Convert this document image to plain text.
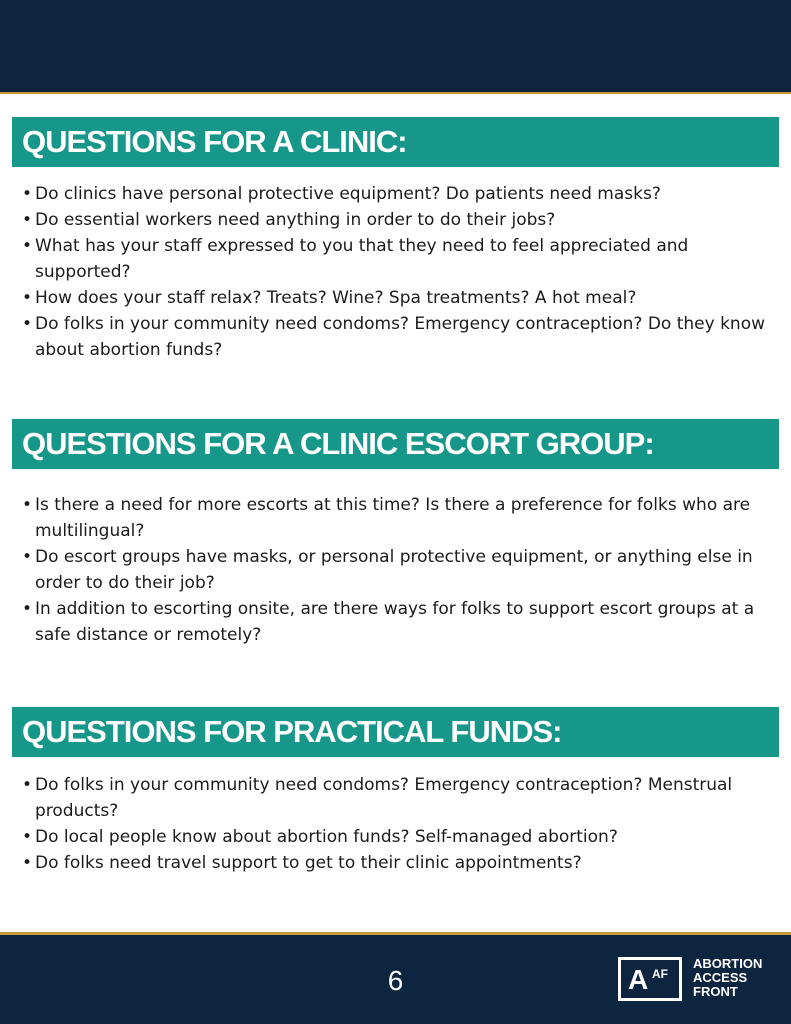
QUESTIONS FOR A CLINIC:
• Do clinics have personal protective equipment? Do patients need masks?
• Do essential workers need anything in order to do their jobs?
• What has your staff expressed to you that they need to feel appreciated and supported?
• How does your staff relax? Treats? Wine? Spa treatments? A hot meal?
• Do folks in your community need condoms? Emergency contraception? Do they know about abortion funds?
QUESTIONS FOR A CLINIC ESCORT GROUP:
• Is there a need for more escorts at this time? Is there a preference for folks who are multilingual?
• Do escort groups have masks, or personal protective equipment, or anything else in order to do their job?
• In addition to escorting onsite, are there ways for folks to support escort groups at a safe distance or remotely?
QUESTIONS FOR PRACTICAL FUNDS:
• Do folks in your community need condoms? Emergency contraception? Menstrual products?
• Do local people know about abortion funds? Self-managed abortion?
• Do folks need travel support to get to their clinic appointments?
6	A AF
ABORTION
ACCESS
FRONT
